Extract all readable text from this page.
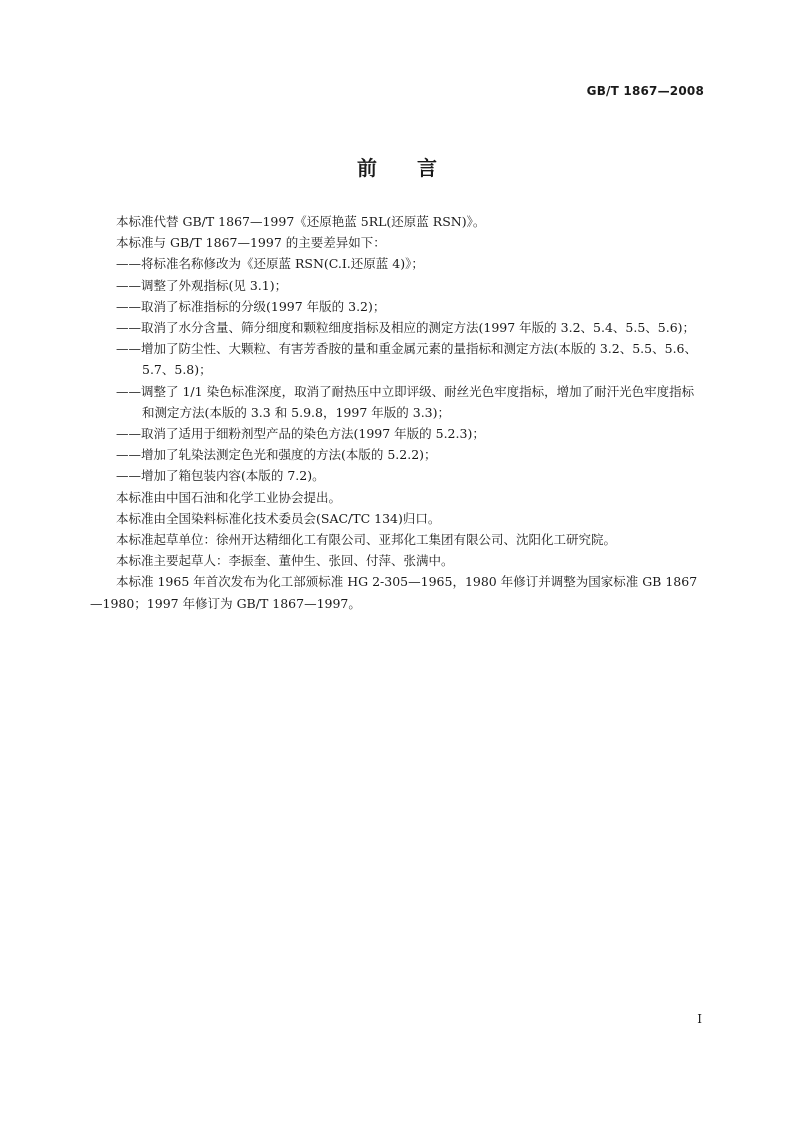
GB/T 1867—2008
前言

本标准代替 GB/T 1867—1997《还原艳蓝 5RL(还原蓝 RSN)》。

本标准与 GB/T 1867—1997 的主要差异如下：

——将标准名称修改为《还原蓝 RSN(C.I.还原蓝 4)》；

——调整了外观指标(见 3.1)；

——取消了标准指标的分级(1997 年版的 3.2)；

——取消了水分含量、筛分细度和颗粒细度指标及相应的测定方法(1997 年版的 3.2、5.4、5.5、5.6)；

——增加了防尘性、大颗粒、有害芳香胺的量和重金属元素的量指标和测定方法(本版的 3.2、5.5、5.6、5.7、5.8)；

——调整了 1/1 染色标准深度，取消了耐热压中立即评级、耐丝光色牢度指标，增加了耐汗光色牢度指标和测定方法(本版的 3.3 和 5.9.8，1997 年版的 3.3)；

——取消了适用于细粉剂型产品的染色方法(1997 年版的 5.2.3)；

——增加了轧染法测定色光和强度的方法(本版的 5.2.2)；

——增加了箱包装内容(本版的 7.2)。

本标准由中国石油和化学工业协会提出。

本标准由全国染料标准化技术委员会(SAC/TC 134)归口。

本标准起草单位：徐州开达精细化工有限公司、亚邦化工集团有限公司、沈阳化工研究院。

本标准主要起草人：李振奎、董仲生、张回、付萍、张满中。

本标准 1965 年首次发布为化工部颁标准 HG 2-305—1965，1980 年修订并调整为国家标准 GB 1867—1980；1997 年修订为 GB/T 1867—1997。

I
